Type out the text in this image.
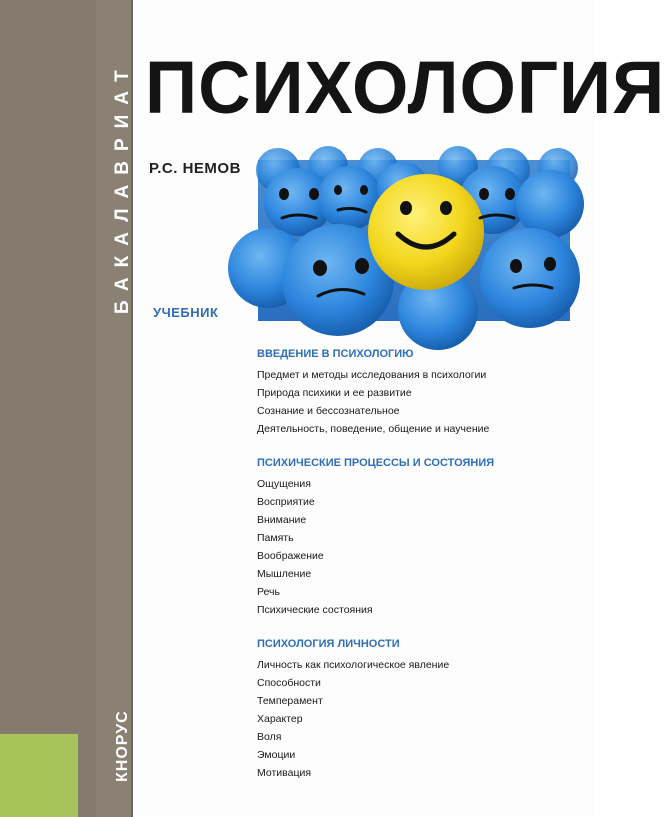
БАКАЛАВРИАТ
КНОРУС
ПСИХОЛОГИЯ
Р.С. НЕМОВ
УЧЕБНИК
ВВЕДЕНИЕ В ПСИХОЛОГИЮ
Предмет и методы исследования в психологии
Природа психики и ее развитие
Сознание и бессознательное
Деятельность, поведение, общение и научение
ПСИХИЧЕСКИЕ ПРОЦЕССЫ И СОСТОЯНИЯ
Ощущения
Восприятие
Внимание
Память
Воображение
Мышление
Речь
Психические состояния
ПСИХОЛОГИЯ ЛИЧНОСТИ
Личность как психологическое явление
Способности
Темперамент
Характер
Воля
Эмоции
Мотивация
